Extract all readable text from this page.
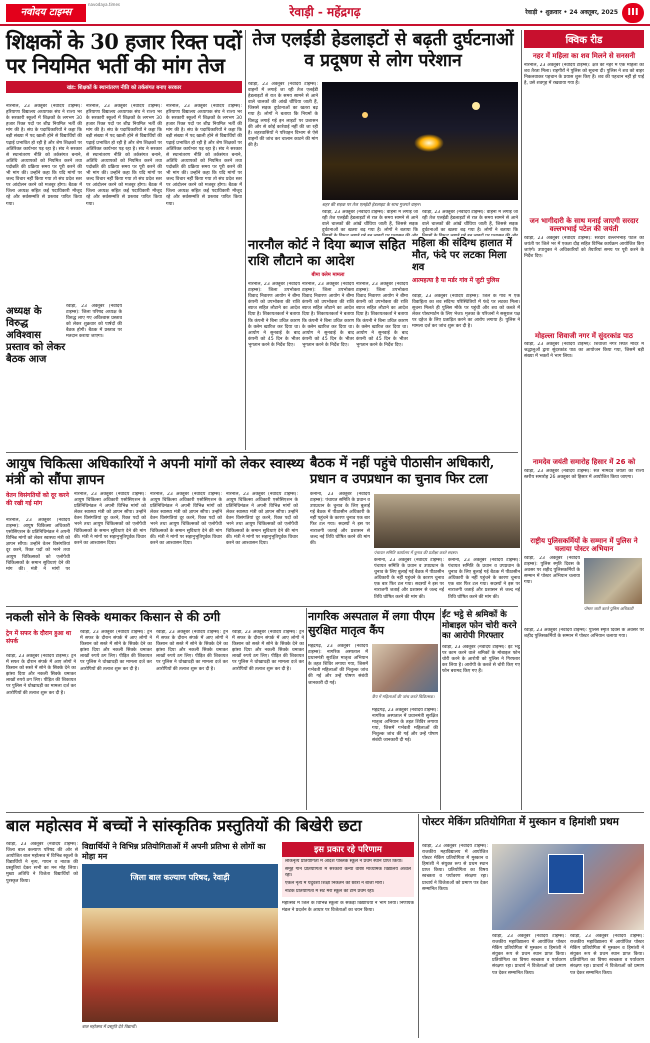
नवोदय टाइम्स
navodaya.times
रेवाड़ी - महेंद्रगढ़	रेवाड़ी • शुक्रवार • 24 अक्तूबर, 2025 III
शिक्षकों के 30 हजार रिक्त पदों पर नियमित भर्ती की मांग तेज
खंड: शिक्षकों के स्थानांतरण नीति को तर्कसंगत बनाए सरकार
नारनौल, 23 अक्तूबर (नवोदय टाइम्स): हरियाणा विद्यालय अध्यापक संघ ने राज्य भर के सरकारी स्कूलों में शिक्षकों के लगभग 30 हजार रिक्त पदों पर शीघ्र नियमित भर्ती की मांग की है। संघ के पदाधिकारियों ने कहा कि बड़ी संख्या में पद खाली होने से विद्यार्थियों की पढ़ाई प्रभावित हो रही है और शेष शिक्षकों पर अतिरिक्त कार्यभार पड़ रहा है। संघ ने सरकार से स्थानांतरण नीति को तर्कसंगत बनाने, अतिथि अध्यापकों को नियमित करने तथा पदोन्नति की प्रक्रिया समय पर पूरी करने की भी मांग की। उन्होंने कहा कि यदि मांगों पर जल्द विचार नहीं किया गया तो संघ प्रदेश स्तर पर आंदोलन करने को मजबूर होगा। बैठक में जिला अध्यक्ष सहित कई पदाधिकारी मौजूद रहे और सर्वसम्मति से प्रस्ताव पारित किया गया।
नारनौल, 23 अक्तूबर (नवोदय टाइम्स): हरियाणा विद्यालय अध्यापक संघ ने राज्य भर के सरकारी स्कूलों में शिक्षकों के लगभग 30 हजार रिक्त पदों पर शीघ्र नियमित भर्ती की मांग की है। संघ के पदाधिकारियों ने कहा कि बड़ी संख्या में पद खाली होने से विद्यार्थियों की पढ़ाई प्रभावित हो रही है और शेष शिक्षकों पर अतिरिक्त कार्यभार पड़ रहा है। संघ ने सरकार से स्थानांतरण नीति को तर्कसंगत बनाने, अतिथि अध्यापकों को नियमित करने तथा पदोन्नति की प्रक्रिया समय पर पूरी करने की भी मांग की। उन्होंने कहा कि यदि मांगों पर जल्द विचार नहीं किया गया तो संघ प्रदेश स्तर पर आंदोलन करने को मजबूर होगा। बैठक में जिला अध्यक्ष सहित कई पदाधिकारी मौजूद रहे और सर्वसम्मति से प्रस्ताव पारित किया गया।
नारनौल, 23 अक्तूबर (नवोदय टाइम्स): हरियाणा विद्यालय अध्यापक संघ ने राज्य भर के सरकारी स्कूलों में शिक्षकों के लगभग 30 हजार रिक्त पदों पर शीघ्र नियमित भर्ती की मांग की है। संघ के पदाधिकारियों ने कहा कि बड़ी संख्या में पद खाली होने से विद्यार्थियों की पढ़ाई प्रभावित हो रही है और शेष शिक्षकों पर अतिरिक्त कार्यभार पड़ रहा है। संघ ने सरकार से स्थानांतरण नीति को तर्कसंगत बनाने, अतिथि अध्यापकों को नियमित करने तथा पदोन्नति की प्रक्रिया समय पर पूरी करने की भी मांग की। उन्होंने कहा कि यदि मांगों पर जल्द विचार नहीं किया गया तो संघ प्रदेश स्तर पर आंदोलन करने को मजबूर होगा। बैठक में जिला अध्यक्ष सहित कई पदाधिकारी मौजूद रहे और सर्वसम्मति से प्रस्ताव पारित किया गया।
अध्यक्ष के विरुद्ध अविश्वास प्रस्ताव को लेकर बैठक आज
रेवाड़ी, 23 अक्तूबर (नवोदय टाइम्स): जिला परिषद अध्यक्ष के विरुद्ध लाए गए अविश्वास प्रस्ताव को लेकर शुक्रवार को पार्षदों की बैठक होगी। बैठक में प्रस्ताव पर मतदान कराया जाएगा।
तेज एलईडी हेडलाइटों से बढ़ती दुर्घटनाओं व प्रदूषण से लोग परेशान
रेवाड़ी, 23 अक्तूबर (नवोदय टाइम्स): वाहनों में लगाई जा रही तेज एलईडी हेडलाइटों से रात के समय सामने से आने वाले चालकों की आंखें चौंधिया जाती हैं, जिससे सड़क दुर्घटनाओं का खतरा बढ़ गया है। लोगों ने बताया कि नियमों के विरुद्ध लगाई गई इन लाइटों पर प्रशासन की ओर से कोई कार्रवाई नहीं की जा रही है। शहरवासियों ने परिवहन विभाग से ऐसे वाहनों की जांच कर चालान काटने की मांग की है।
शहर की सड़क पर तेज एलईडी हेडलाइट के साथ गुजरते वाहन।
रेवाड़ी, 23 अक्तूबर (नवोदय टाइम्स): वाहनों में लगाई जा रही तेज एलईडी हेडलाइटों से रात के समय सामने से आने वाले चालकों की आंखें चौंधिया जाती हैं, जिससे सड़क दुर्घटनाओं का खतरा बढ़ गया है। लोगों ने बताया कि
रेवाड़ी, 23 अक्तूबर (नवोदय टाइम्स): वाहनों में लगाई जा रही तेज एलईडी हेडलाइटों से रात के समय सामने से आने वाले चालकों की आंखें चौंधिया जाती हैं, जिससे सड़क दुर्घटनाओं का खतरा बढ़ गया है। लोगों ने बताया कि
नारनौल कोर्ट ने दिया ब्याज सहित राशि लौटाने का आदेश
बीमा क्लेम मामला
नारनौल, 23 अक्तूबर (नवोदय टाइम्स): जिला उपभोक्ता विवाद निवारण आयोग ने बीमा कंपनी को उपभोक्ता की राशि ब्याज सहित लौटाने का आदेश दिया है। शिकायतकर्ता ने बताया कि कंपनी ने बिना उचित कारण के क्लेम खारिज कर दिया था। आयोग ने सुनवाई के बाद कंपनी को 45 दिन के भीतर भुगतान करने के निर्देश दिए।
नारनौल, 23 अक्तूबर (नवोदय टाइम्स): जिला उपभोक्ता विवाद निवारण आयोग ने बीमा कंपनी को उपभोक्ता की राशि ब्याज सहित लौटाने का आदेश दिया है। शिकायतकर्ता ने बताया कि कंपनी ने बिना उचित कारण के क्लेम खारिज कर दिया था। आयोग ने सुनवाई के बाद कंपनी को 45 दिन के भीतर भुगतान करने के निर्देश दिए।
नारनौल, 23 अक्तूबर (नवोदय टाइम्स): जिला उपभोक्ता विवाद निवारण आयोग ने बीमा कंपनी को उपभोक्ता की राशि ब्याज सहित लौटाने का आदेश दिया है। शिकायतकर्ता ने बताया कि कंपनी ने बिना उचित कारण के क्लेम खारिज कर दिया था। आयोग ने सुनवाई के बाद कंपनी को 45 दिन के भीतर भुगतान करने के निर्देश दिए।
महिला की संदिग्ध हालात में मौत, फंदे पर लटका मिला शव
आत्महत्या है या मर्डर गांव में जुटी पुलिस
रेवाड़ी, 23 अक्तूबर (नवोदय टाइम्स): जिले के गांव में एक विवाहिता का शव संदिग्ध परिस्थितियों में फंदे पर लटका मिला। सूचना मिलते ही पुलिस मौके पर पहुंची और शव को कब्जे में लेकर पोस्टमार्टम के लिए भेजा। मृतका के परिजनों ने ससुराल पक्ष पर दहेज के लिए प्रताड़ित करने का आरोप लगाया है। पुलिस ने मामला दर्ज कर जांच शुरू कर दी है।
क्विक रीड
नहर में महिला का शव मिलने से सनसनी
नारनौल, 23 अक्तूबर (नवोदय टाइम्स): क्षेत्र की नहर में एक महिला का शव तैरता मिला। राहगीरों ने पुलिस को सूचना दी। पुलिस ने शव को बाहर निकलवाकर पहचान के प्रयास शुरू किए हैं। शव की पहचान नहीं हो पाई है, उसे शवगृह में रखवाया गया है।
जन भागीदारी के साथ मनाई जाएगी सरदार वल्लभभाई पटेल की जयंती
रेवाड़ी, 23 अक्तूबर (नवोदय टाइम्स): सरदार वल्लभभाई पटेल की जयंती पर जिले भर में एकता दौड़ सहित विभिन्न कार्यक्रम आयोजित किए जाएंगे। उपायुक्त ने अधिकारियों को तैयारियां समय पर पूरी करने के निर्देश दिए।
मोहल्ला शिवाजी नगर में सुंदरकांड पाठ
रेवाड़ी, 23 अक्तूबर (नवोदय टाइम्स): शिवाजी नगर स्थित मंदिर में श्रद्धालुओं द्वारा सुंदरकांड पाठ का आयोजन किया गया, जिसमें बड़ी संख्या में भक्तों ने भाग लिया।
नामदेव जयंती समारोह हिसार में 26 को
रेवाड़ी, 23 अक्तूबर (नवोदय टाइम्स): संत नामदेव जयंती का राज्य स्तरीय समारोह 26 अक्तूबर को हिसार में आयोजित किया जाएगा।
राष्ट्रीय पुलिसकर्मियों के सम्मान में पुलिस ने चलाया पोस्टर अभियान
रेवाड़ी, 23 अक्तूबर (नवोदय टाइम्स): पुलिस स्मृति दिवस के अवसर पर शहीद पुलिसकर्मियों के सम्मान में पोस्टर अभियान चलाया गया।
पोस्टर जारी करते पुलिस अधिकारी
रेवाड़ी, 23 अक्तूबर (नवोदय टाइम्स): पुलिस स्मृति दिवस के अवसर पर शहीद पुलिसकर्मियों के सम्मान में पोस्टर अभियान चलाया गया।
आयुष चिकित्सा अधिकारियों ने अपनी मांगों को लेकर स्वास्थ्य मंत्री को सौंपा ज्ञापन
वेतन विसंगतियों को दूर करने की रखी गई मांग
नारनौल, 23 अक्तूबर (नवोदय टाइम्स): आयुष चिकित्सा अधिकारी एसोसिएशन के प्रतिनिधिमंडल ने अपनी विभिन्न मांगों को लेकर स्वास्थ्य मंत्री को ज्ञापन सौंपा। उन्होंने वेतन विसंगतियां दूर करने, रिक्त पदों को भरने तथा आयुष चिकित्सकों को एलोपैथी चिकित्सकों के समान सुविधाएं देने की मांग की। मंत्री ने मांगों पर
नारनौल, 23 अक्तूबर (नवोदय टाइम्स): आयुष चिकित्सा अधिकारी एसोसिएशन के प्रतिनिधिमंडल ने अपनी विभिन्न मांगों को लेकर स्वास्थ्य मंत्री को ज्ञापन सौंपा। उन्होंने वेतन विसंगतियां दूर करने, रिक्त पदों को भरने तथा आयुष चिकित्सकों को एलोपैथी चिकित्सकों के समान सुविधाएं देने की मांग की। मंत्री ने मांगों पर सहानुभूतिपूर्वक विचार करने का आश्वासन दिया।
नारनौल, 23 अक्तूबर (नवोदय टाइम्स): आयुष चिकित्सा अधिकारी एसोसिएशन के प्रतिनिधिमंडल ने अपनी विभिन्न मांगों को लेकर स्वास्थ्य मंत्री को ज्ञापन सौंपा। उन्होंने वेतन विसंगतियां दूर करने, रिक्त पदों को भरने तथा आयुष चिकित्सकों को एलोपैथी चिकित्सकों के समान सुविधाएं देने की मांग की। मंत्री ने मांगों पर सहानुभूतिपूर्वक विचार करने का आश्वासन दिया।
नारनौल, 23 अक्तूबर (नवोदय टाइम्स): आयुष चिकित्सा अधिकारी एसोसिएशन के प्रतिनिधिमंडल ने अपनी विभिन्न मांगों को लेकर स्वास्थ्य मंत्री को ज्ञापन सौंपा। उन्होंने वेतन विसंगतियां दूर करने, रिक्त पदों को भरने तथा आयुष चिकित्सकों को एलोपैथी चिकित्सकों के समान सुविधाएं देने की मांग की। मंत्री ने मांगों पर सहानुभूतिपूर्वक विचार करने का आश्वासन दिया।
बैठक में नहीं पहुंचे पीठासीन अधिकारी, प्रधान व उपप्रधान का चुनाव फिर टला
कनीना, 23 अक्तूबर (नवोदय टाइम्स): पंचायत समिति के प्रधान व उपप्रधान के चुनाव के लिए बुलाई गई बैठक में पीठासीन अधिकारी के नहीं पहुंचने के कारण चुनाव एक बार फिर टल गया। सदस्यों ने इस पर नाराजगी जताई और प्रशासन से जल्द नई तिथि घोषित करने की मांग की।
पंचायत समिति कार्यालय में चुनाव की प्रतीक्षा करते सदस्य।
कनीना, 23 अक्तूबर (नवोदय टाइम्स): पंचायत समिति के प्रधान व उपप्रधान के चुनाव के लिए बुलाई गई बैठक में पीठासीन अधिकारी के नहीं पहुंचने के कारण चुनाव एक बार फिर टल गया। सदस्यों ने इस पर नाराजगी जताई और प्रशासन से जल्द नई तिथि घोषित करने की मांग की।
कनीना, 23 अक्तूबर (नवोदय टाइम्स): पंचायत समिति के प्रधान व उपप्रधान के चुनाव के लिए बुलाई गई बैठक में पीठासीन अधिकारी के नहीं पहुंचने के कारण चुनाव एक बार फिर टल गया। सदस्यों ने इस पर नाराजगी जताई और प्रशासन से जल्द नई तिथि घोषित करने की मांग की।
नकली सोने के सिक्के थमाकर किसान से की ठगी
ट्रेन में सफर के दौरान हुआ था संपर्क
रेवाड़ी, 23 अक्तूबर (नवोदय टाइम्स): ट्रेन में सफर के दौरान संपर्क में आए लोगों ने किसान को सस्ते में सोने के सिक्के देने का झांसा दिया और नकली सिक्के थमाकर लाखों रुपये ठग लिए। पीड़ित की शिकायत पर पुलिस ने धोखाधड़ी का मामला दर्ज कर आरोपियों की तलाश शुरू कर दी है।
रेवाड़ी, 23 अक्तूबर (नवोदय टाइम्स): ट्रेन में सफर के दौरान संपर्क में आए लोगों ने किसान को सस्ते में सोने के सिक्के देने का झांसा दिया और नकली सिक्के थमाकर लाखों रुपये ठग लिए। पीड़ित की शिकायत पर पुलिस ने धोखाधड़ी का मामला दर्ज कर आरोपियों की तलाश शुरू कर दी है।
रेवाड़ी, 23 अक्तूबर (नवोदय टाइम्स): ट्रेन में सफर के दौरान संपर्क में आए लोगों ने किसान को सस्ते में सोने के सिक्के देने का झांसा दिया और नकली सिक्के थमाकर लाखों रुपये ठग लिए। पीड़ित की शिकायत पर पुलिस ने धोखाधड़ी का मामला दर्ज कर आरोपियों की तलाश शुरू कर दी है।
रेवाड़ी, 23 अक्तूबर (नवोदय टाइम्स): ट्रेन में सफर के दौरान संपर्क में आए लोगों ने किसान को सस्ते में सोने के सिक्के देने का झांसा दिया और नकली सिक्के थमाकर लाखों रुपये ठग लिए। पीड़ित की शिकायत पर पुलिस ने धोखाधड़ी का मामला दर्ज कर आरोपियों की तलाश शुरू कर दी है।
नागरिक अस्पताल में लगा पीएम सुरक्षित मातृत्व कैंप
महेंद्रगढ़, 23 अक्तूबर (नवोदय टाइम्स): नागरिक अस्पताल में प्रधानमंत्री सुरक्षित मातृत्व अभियान के तहत शिविर लगाया गया, जिसमें गर्भवती महिलाओं की निशुल्क जांच की गई और उन्हें पोषण संबंधी जानकारी दी गई।
कैंप में महिलाओं की जांच करते चिकित्सक।
महेंद्रगढ़, 23 अक्तूबर (नवोदय टाइम्स): नागरिक अस्पताल में प्रधानमंत्री सुरक्षित मातृत्व अभियान के तहत शिविर लगाया गया, जिसमें गर्भवती महिलाओं की निशुल्क जांच की गई और उन्हें पोषण संबंधी जानकारी दी गई।
ईंट भट्ठे से श्रमिकों के मोबाइल फोन चोरी करने का आरोपी गिरफ्तार
रेवाड़ी, 23 अक्तूबर (नवोदय टाइम्स): ईंट भट्ठे पर काम करने वाले श्रमिकों के मोबाइल फोन चोरी करने के आरोपी को पुलिस ने गिरफ्तार कर लिया है। आरोपी के कब्जे से चोरी किए गए फोन बरामद किए गए हैं।
बाल महोत्सव में बच्चों ने सांस्कृतिक प्रस्तुतियों की बिखेरी छटा
रेवाड़ी, 23 अक्तूबर (नवोदय टाइम्स): जिला बाल कल्याण परिषद की ओर से आयोजित बाल महोत्सव में विभिन्न स्कूलों के विद्यार्थियों ने नृत्य, गायन व नाटक की प्रस्तुतियां देकर सभी का मन मोह लिया। मुख्य अतिथि ने विजेता विद्यार्थियों को पुरस्कृत किया।
विद्यार्थियों ने विभिन्न प्रतियोगिताओं में अपनी प्रतिभा से लोगों का मोहा मन
जिला बाल कल्याण परिषद, रेवाड़ी
बाल महोत्सव में प्रस्तुति देते विद्यार्थी।
इस प्रकार रहे परिणाम
लोकनृत्य प्रतियोगिता में आदर्श पब्लिक स्कूल ने प्रथम स्थान प्राप्त किया।
समूह गान प्रतियोगिता में सरकारी कन्या वरिष्ठ माध्यमिक विद्यालय अव्वल रहा।
एकल नृत्य में यदुवंशी शिक्षा निकेतन की छात्रा ने बाजी मारी।
नाटक प्रतियोगिता में सेंट मैरी स्कूल की टीम प्रथम रही।
महोत्सव में जिले के विभिन्न स्कूलों के सैकड़ों विद्यार्थियों ने भाग लिया। निर्णायक मंडल ने प्रदर्शन के आधार पर विजेताओं का चयन किया।
पोस्टर मेकिंग प्रतियोगिता में मुस्कान व हिमांशी प्रथम
रेवाड़ी, 23 अक्तूबर (नवोदय टाइम्स): राजकीय महाविद्यालय में आयोजित पोस्टर मेकिंग प्रतियोगिता में मुस्कान व हिमांशी ने संयुक्त रूप से प्रथम स्थान प्राप्त किया। प्रतियोगिता का विषय स्वच्छता व पर्यावरण संरक्षण रहा। प्राचार्य ने विजेताओं को प्रमाण पत्र देकर सम्मानित किया।
रेवाड़ी, 23 अक्तूबर (नवोदय टाइम्स): राजकीय महाविद्यालय में आयोजित पोस्टर मेकिंग प्रतियोगिता में मुस्कान व हिमांशी ने संयुक्त रूप से प्रथम स्थान प्राप्त किया। प्रतियोगिता का विषय स्वच्छता व पर्यावरण संरक्षण रहा। प्राचार्य ने विजेताओं को प्रमाण पत्र देकर सम्मानित किया।
रेवाड़ी, 23 अक्तूबर (नवोदय टाइम्स): राजकीय महाविद्यालय में आयोजित पोस्टर मेकिंग प्रतियोगिता में मुस्कान व हिमांशी ने संयुक्त रूप से प्रथम स्थान प्राप्त किया। प्रतियोगिता का विषय स्वच्छता व पर्यावरण संरक्षण रहा। प्राचार्य ने विजेताओं को प्रमाण पत्र देकर सम्मानित किया।
